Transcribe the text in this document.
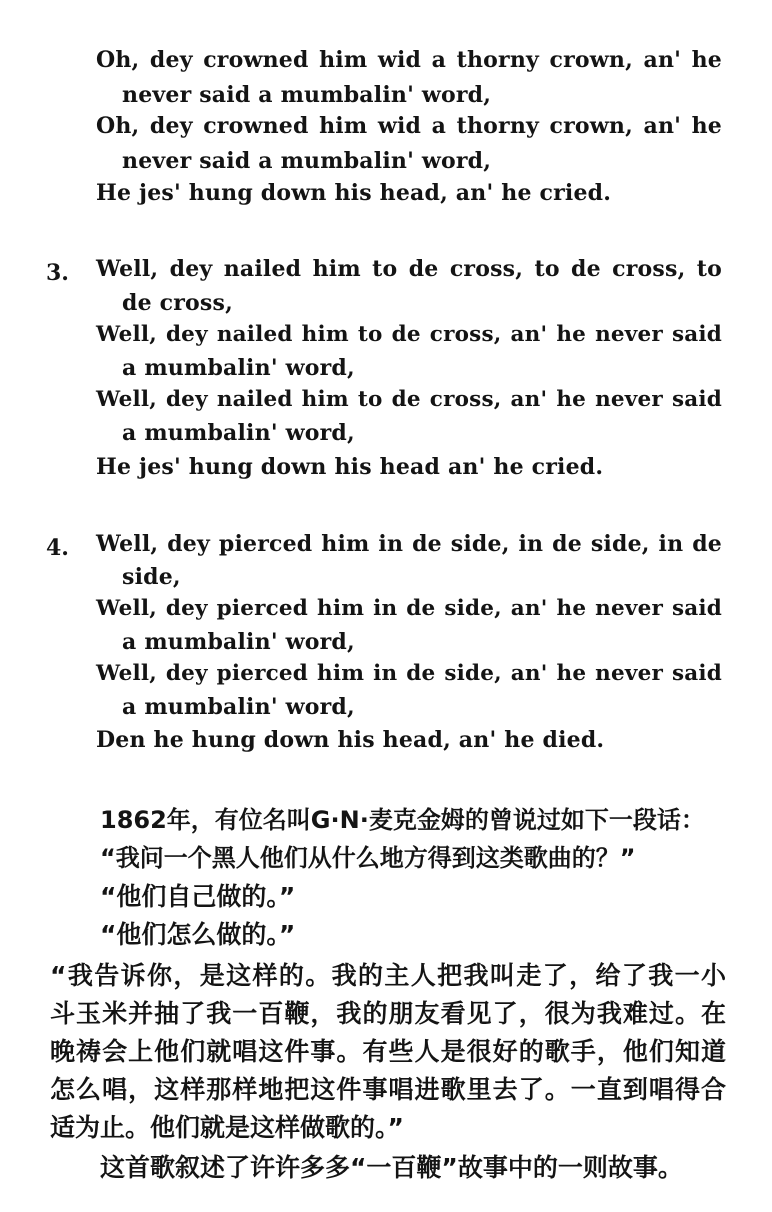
Oh, dey crowned him wid a thorny crown, an' he
never said a mumbalin' word,
Oh, dey crowned him wid a thorny crown, an' he
never said a mumbalin' word,
He jes' hung down his head, an' he cried.
3. Well, dey nailed him to de cross, to de cross, to
de cross,
Well, dey nailed him to de cross, an' he never said
a mumbalin' word,
Well, dey nailed him to de cross, an' he never said
a mumbalin' word,
He jes' hung down his head an' he cried.
4. Well, dey pierced him in de side, in de side, in de
side,
Well, dey pierced him in de side, an' he never said
a mumbalin' word,
Well, dey pierced him in de side, an' he never said
a mumbalin' word,
Den he hung down his head, an' he died.
1862年，有位名叫G·N·麦克金姆的曾说过如下一段话：
“我问一个黑人他们从什么地方得到这类歌曲的？”
“他们自己做的。”
“他们怎么做的。”
“我告诉你，是这样的。我的主人把我叫走了，给了我一小
斗玉米并抽了我一百鞭，我的朋友看见了，很为我难过。在
晚祷会上他们就唱这件事。有些人是很好的歌手，他们知道
怎么唱，这样那样地把这件事唱进歌里去了。一直到唱得合
适为止。他们就是这样做歌的。”
这首歌叙述了许许多多“一百鞭”故事中的一则故事。
